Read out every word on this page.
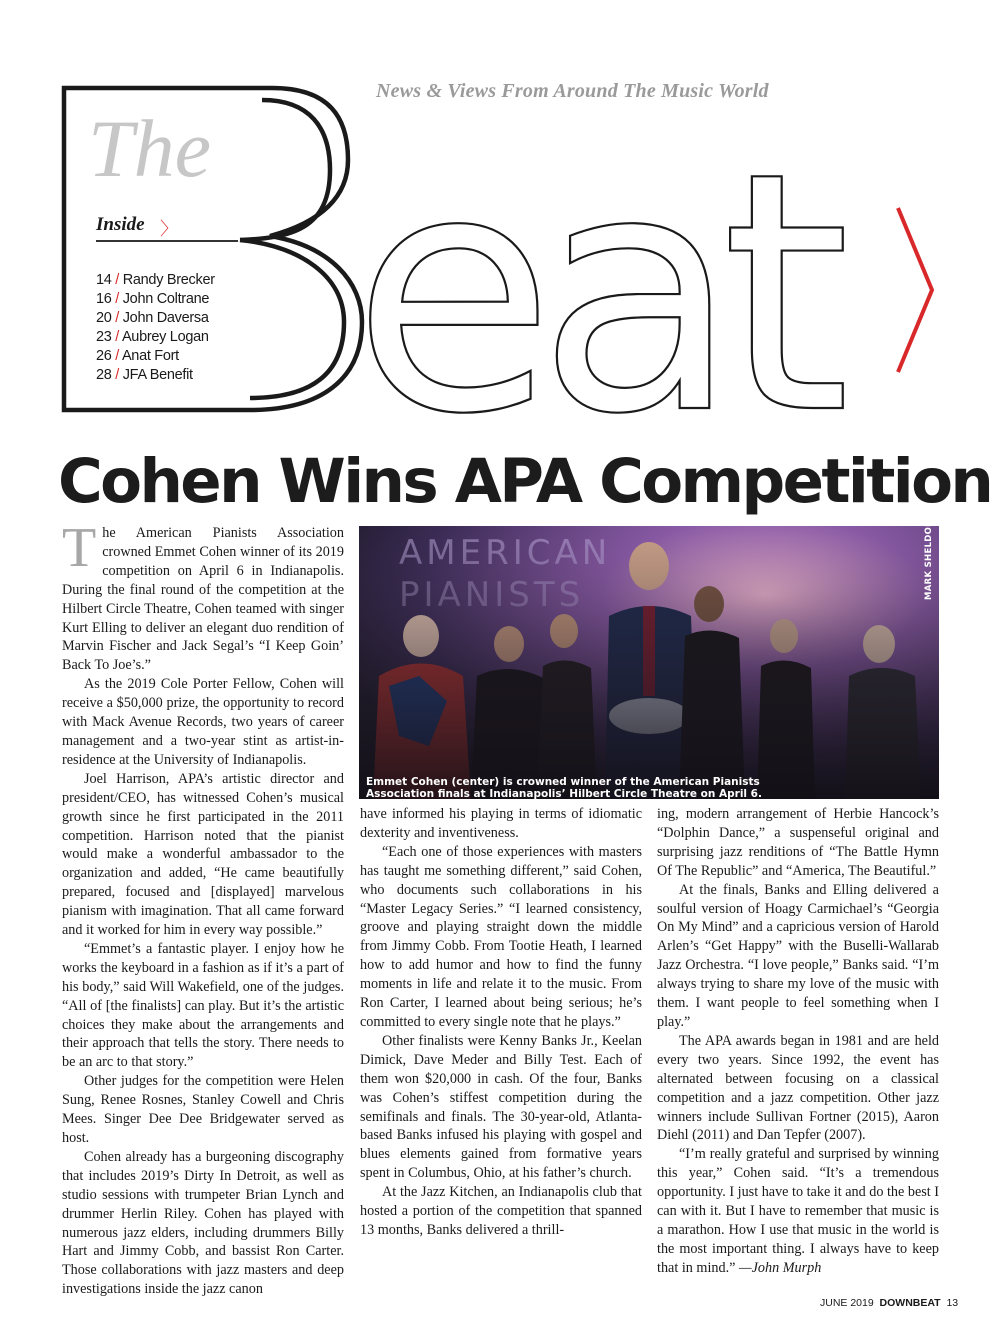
eat
News & Views From Around The Music World
The
Inside 〉
14 / Randy Brecker
16 / John Coltrane
20 / John Daversa
23 / Aubrey Logan
26 / Anat Fort
28 / JFA Benefit
Cohen Wins APA Competition

The American Pianists Association crowned Emmet Cohen winner of its 2019 competition on April 6 in Indianapolis. During the final round of the competition at the Hilbert Circle Theatre, Cohen teamed with singer Kurt Elling to deliver an elegant duo rendition of Marvin Fischer and Jack Segal’s “I Keep Goin’ Back To Joe’s.”

As the 2019 Cole Porter Fellow, Cohen will receive a $50,000 prize, the opportunity to record with Mack Avenue Records, two years of career management and a two-year stint as artist-in-residence at the University of Indianapolis.

Joel Harrison, APA’s artistic director and president/CEO, has witnessed Cohen’s musical growth since he first participated in the 2011 competition. Harrison noted that the pianist would make a wonderful ambassador to the organization and added, “He came beautifully prepared, focused and [displayed] marvelous pianism with imagination. That all came forward and it worked for him in every way possible.”

“Emmet’s a fantastic player. I enjoy how he works the keyboard in a fashion as if it’s a part of his body,” said Will Wakefield, one of the judges. “All of [the finalists] can play. But it’s the artistic choices they make about the arrangements and their approach that tells the story. There needs to be an arc to that story.”

Other judges for the competition were Helen Sung, Renee Rosnes, Stanley Cowell and Chris Mees. Singer Dee Dee Bridgewater served as host.

Cohen already has a burgeoning discography that includes 2019’s Dirty In Detroit, as well as studio sessions with trumpeter Brian Lynch and drummer Herlin Riley. Cohen has played with numerous jazz elders, including drummers Billy Hart and Jimmy Cobb, and bassist Ron Carter. Those collaborations with jazz masters and deep investigations inside the jazz canon

MARK SHELDON
Emmet Cohen (center) is crowned winner of the American Pianists Association finals at Indianapolis’ Hilbert Circle Theatre on April 6.

have informed his playing in terms of idiomatic dexterity and inventiveness.

“Each one of those experiences with masters has taught me something different,” said Cohen, who documents such collaborations in his “Master Legacy Series.” “I learned consistency, groove and playing straight down the middle from Jimmy Cobb. From Tootie Heath, I learned how to add humor and how to find the funny moments in life and relate it to the music. From Ron Carter, I learned about being serious; he’s committed to every single note that he plays.”

Other finalists were Kenny Banks Jr., Keelan Dimick, Dave Meder and Billy Test. Each of them won $20,000 in cash. Of the four, Banks was Cohen’s stiffest competition during the semifinals and finals. The 30-year-old, Atlanta-based Banks infused his playing with gospel and blues elements gained from formative years spent in Columbus, Ohio, at his father’s church.

At the Jazz Kitchen, an Indianapolis club that hosted a portion of the competition that spanned 13 months, Banks delivered a thrill-

ing, modern arrangement of Herbie Hancock’s “Dolphin Dance,” a suspenseful original and surprising jazz renditions of “The Battle Hymn Of The Republic” and “America, The Beautiful.”

At the finals, Banks and Elling delivered a soulful version of Hoagy Carmichael’s “Georgia On My Mind” and a capricious version of Harold Arlen’s “Get Happy” with the Buselli-Wallarab Jazz Orchestra. “I love people,” Banks said. “I’m always trying to share my love of the music with them. I want people to feel something when I play.”

The APA awards began in 1981 and are held every two years. Since 1992, the event has alternated between focusing on a classical competition and a jazz competition. Other jazz winners include Sullivan Fortner (2015), Aaron Diehl (2011) and Dan Tepfer (2007).

“I’m really grateful and surprised by winning this year,” Cohen said. “It’s a tremendous opportunity. I just have to take it and do the best I can with it. But I have to remember that music is a marathon. How I use that music in the world is the most important thing. I always have to keep that in mind.” —John Murph

JUNE 2019 DOWNBEAT 13
